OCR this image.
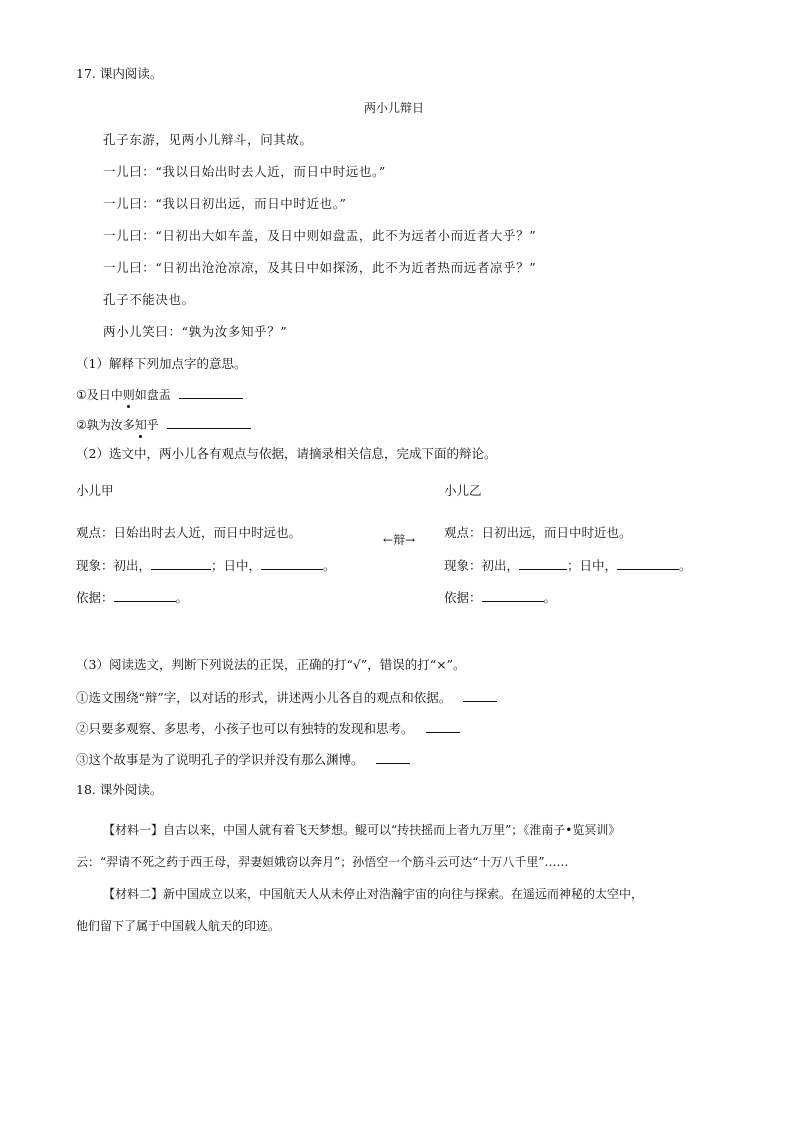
17. 课内阅读。
两小儿辩日
孔子东游，见两小儿辩斗，问其故。
一儿曰：“我以日始出时去人近，而日中时远也。”
一儿曰：“我以日初出远，而日中时近也。”
一儿曰：“日初出大如车盖，及日中则如盘盂，此不为远者小而近者大乎？”
一儿曰：“日初出沧沧凉凉，及其日中如探汤，此不为近者热而远者凉乎？”
孔子不能决也。
两小儿笑曰：“孰为汝多知乎？”
（1）解释下列加点字的意思。
①及日中则如盘盂
②孰为汝多知乎
（2）选文中，两小儿各有观点与依据，请摘录相关信息，完成下面的辩论。
小儿甲	小儿乙
观点：日始出时去人近，而日中时远也。	←辩→ 观点：日初出远，而日中时近也。
现象：初出，	；日中，	。	现象：初出，	；日中，	。
依据：	。	依据：	。
（3）阅读选文，判断下列说法的正误，正确的打“√”，错误的打“×”。
①选文围绕“辩”字，以对话的形式，讲述两小儿各自的观点和依据。
②只要多观察、多思考，小孩子也可以有独特的发现和思考。
③这个故事是为了说明孔子的学识并没有那么渊博。
18. 课外阅读。
【材料一】自古以来，中国人就有着飞天梦想。鲲可以“抟扶摇而上者九万里”；《淮南子•览冥训》
云：“羿请不死之药于西王母，羿妻姮娥窃以奔月”；孙悟空一个筋斗云可达“十万八千里”……
【材料二】新中国成立以来，中国航天人从未停止对浩瀚宇宙的向往与探索。在遥远而神秘的太空中，
他们留下了属于中国载人航天的印迹。
